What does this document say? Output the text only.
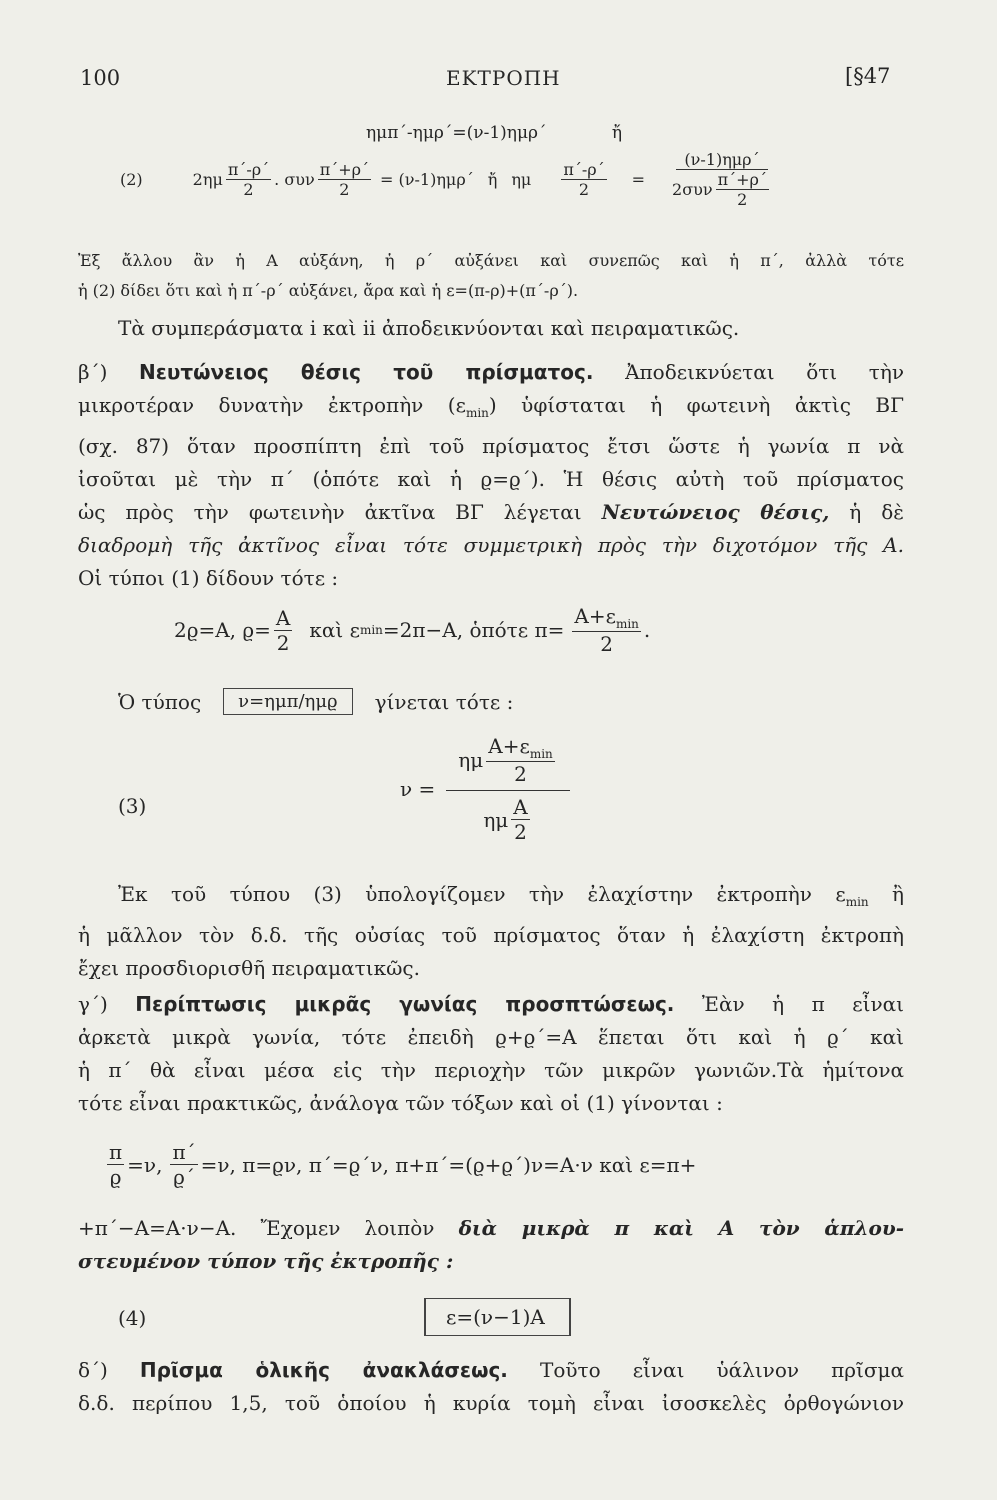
100	ΕΚΤΡΟΠΗ	[§47
ημπ΄-ημρ΄=(ν-1)ημρ΄	ἤ
(2)	$2\eta\mu \frac{\pi΄-\rho΄}{2}$ . συν $\frac{\pi΄+\rho΄}{2} = (\nu-1)\eta\mu\rho΄$ ἤ ημ $\frac{\pi΄-\rho΄}{2} = \frac{\text{(ν-1)ημρ΄}}{2\sigma\upsilon\nu \frac{\pi΄+\rho΄}{2}}$
Ἐξ ἄλλου ἂν ἡ Α αὐξάνη, ἡ ρ΄ αὐξάνει καὶ συνεπῶς καὶ ἡ π΄, ἀλλὰ τότε
ἡ (2) δίδει ὅτι καὶ ἡ π΄-ρ΄ αὐξάνει, ἄρα καὶ ἡ ε=(π-ρ)+(π΄-ρ΄).
Τὰ συμπεράσματα i καὶ ii ἀποδεικνύονται καὶ πειραματικῶς.
β΄) Νευτώνειος θέσις τοῦ πρίσματος. Ἀποδεικνύεται ὅτι τὴν
μικροτέραν δυνατὴν ἐκτροπὴν $(\varepsilon_{min})$ ὑφίσταται ἡ φωτεινὴ ἀκτὶς ΒΓ
(σχ. 87) ὅταν προσπίπτη ἐπὶ τοῦ πρίσματος ἔτσι ὥστε ἡ γωνία π νὰ
ἰσοῦται μὲ τὴν π΄ (ὁπότε καὶ ἡ ϱ=ϱ΄). Ἡ θέσις αὐτὴ τοῦ πρίσματος
ὡς πρὸς τὴν φωτεινὴν ἀκτῖνα ΒΓ λέγεται Νευτώνειος θέσις, ἡ δὲ
διαδρομὴ τῆς ἀκτῖνος εἶναι τότε συμμετρικὴ πρὸς τὴν διχοτόμον τῆς Α.
Οἱ τύποι (1) δίδουν τότε :
2ϱ=Α, $ϱ= \frac{A}{2}$ καὶ ε min =2π−Α, ὁπότε $\pi= \frac{A+\varepsilon_{min}}{2}$ .
Ὁ τύπος	ν=ημπ/ημϱ	γίνεται τότε :
(3)
$\nu = \frac{\eta\mu \frac{A+\varepsilon_{min}}{2}}{\eta\mu \frac{A}{2}}$
Ἐκ τοῦ τύπου (3) ὑπολογίζομεν τὴν ἐλαχίστην ἐκτροπὴν $\varepsilon_{min}$ ἢ
ἡ μᾶλλον τὸν δ.δ. τῆς οὐσίας τοῦ πρίσματος ὅταν ἡ ἐλαχίστη ἐκτροπὴ
ἔχει προσδιορισθῆ πειραματικῶς.
γ΄) Περίπτωσις μικρᾶς γωνίας προσπτώσεως. Ἐὰν ἡ π εἶναι
ἀρκετὰ μικρὰ γωνία, τότε ἐπειδὴ ϱ+ϱ΄=Α ἕπεται ὅτι καὶ ἡ ϱ΄ καὶ
ἡ π΄ θὰ εἶναι μέσα εἰς τὴν περιοχὴν τῶν μικρῶν γωνιῶν.Τὰ ἡμίτονα
τότε εἶναι πρακτικῶς, ἀνάλογα τῶν τόξων καὶ οἱ (1) γίνονται :
$\frac{\pi}{ϱ} =\nu$, $\frac{\pi΄}{ϱ΄} =\nu$, π=ϱν, π΄=ϱ΄ν, π+π΄=(ϱ+ϱ΄)ν=Α·ν καὶ ε=π+
+π΄−Α=Α·ν−Α. Ἔχομεν λοιπὸν διὰ μικρὰ π καὶ Α τὸν ἁπλου-
στευμένον τύπον τῆς ἐκτροπῆς :
(4)	ε=(ν−1)Α
δ΄) Πρῖσμα ὁλικῆς ἀνακλάσεως. Τοῦτο εἶναι ὑάλινον πρῖσμα
δ.δ. περίπου 1,5, τοῦ ὁποίου ἡ κυρία τομὴ εἶναι ἰσοσκελὲς ὀρθογώνιον
